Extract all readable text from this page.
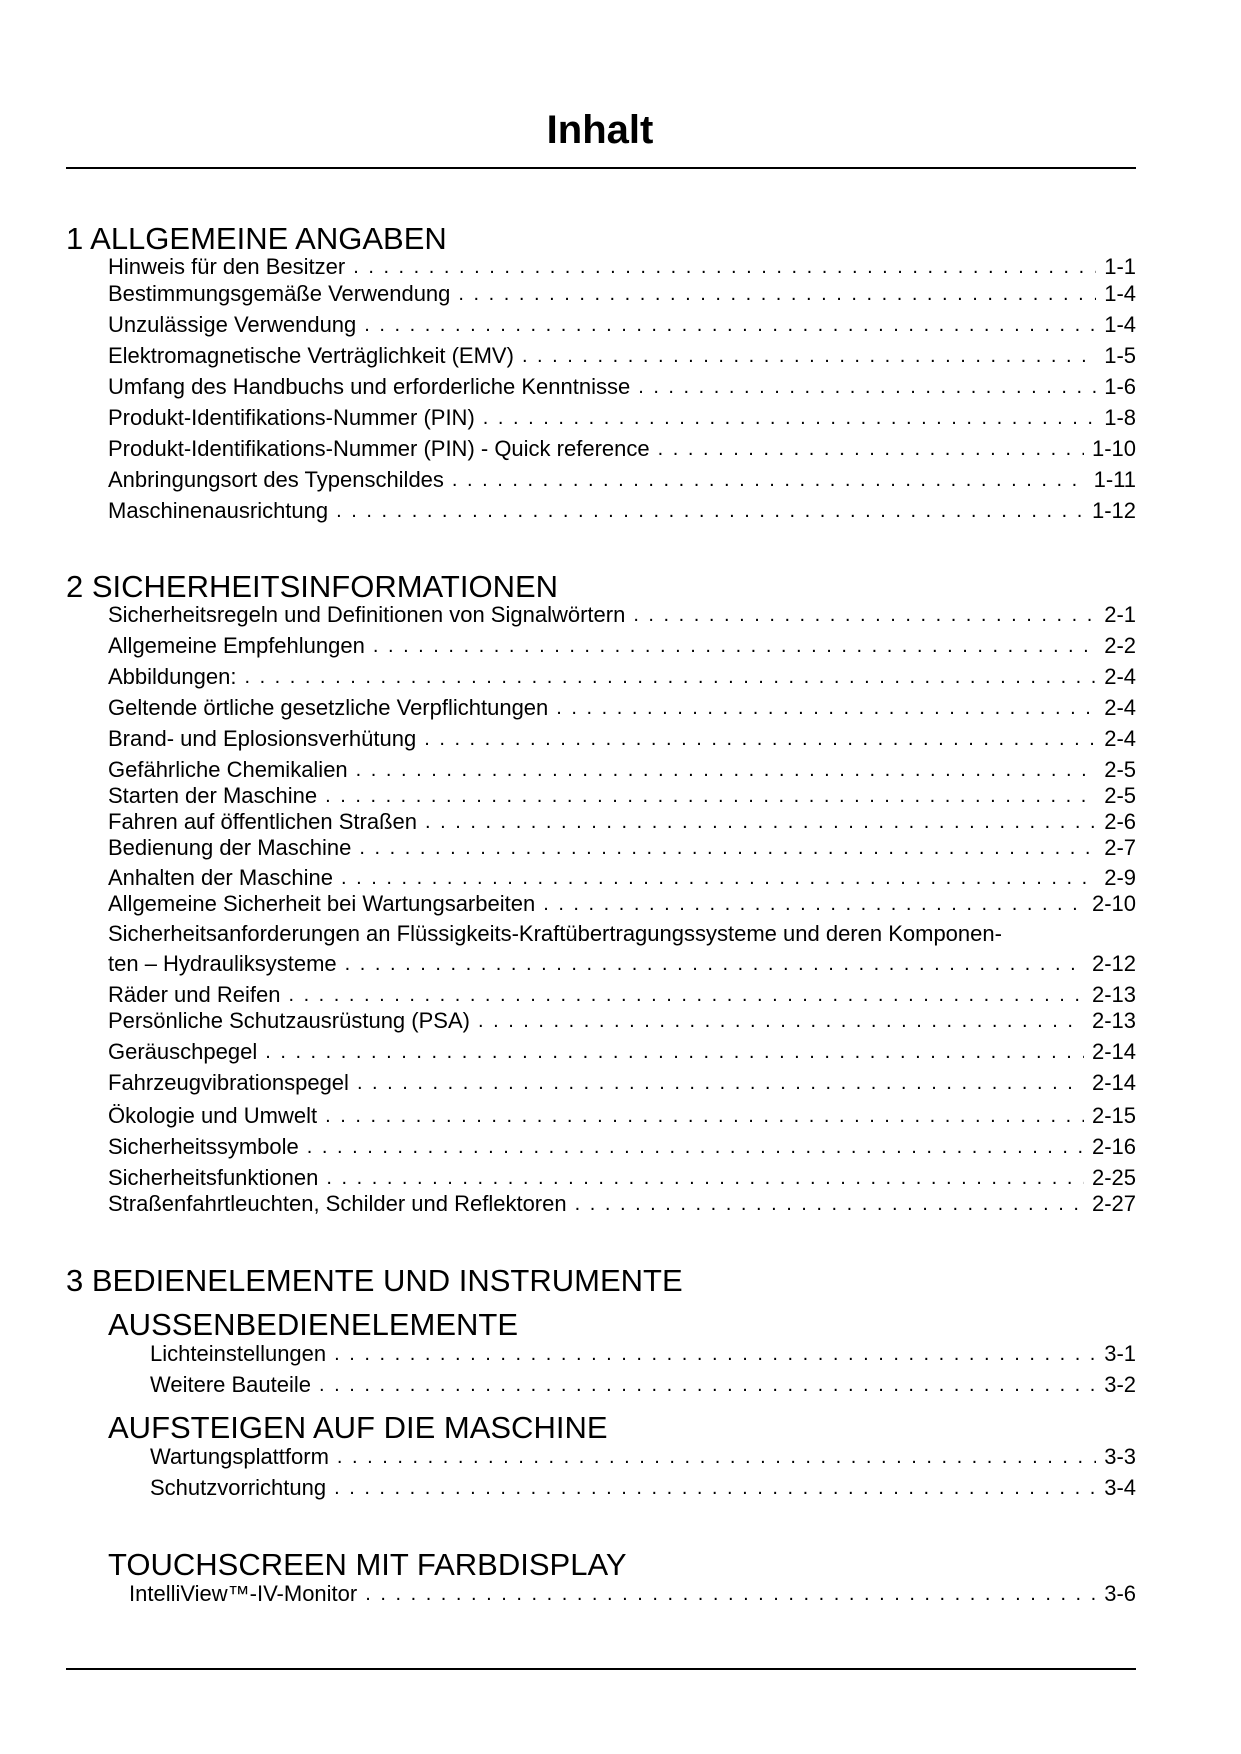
Inhalt
1 ALLGEMEINE ANGABEN
Hinweis für den Besitzer . . .	1-1
Bestimmungsgemäße Verwendung . . .	1-4
Unzulässige Verwendung . . .	1-4
Elektromagnetische Verträglichkeit (EMV) . . .	1-5
Umfang des Handbuchs und erforderliche Kenntnisse . . .	1-6
Produkt-Identifikations-Nummer (PIN) . . .	1-8
Produkt-Identifikations-Nummer (PIN) - Quick reference . . .	1-10
Anbringungsort des Typenschildes . . .	1-11
Maschinenausrichtung . . .	1-12
2 SICHERHEITSINFORMATIONEN
Sicherheitsregeln und Definitionen von Signalwörtern . . .	2-1
Allgemeine Empfehlungen . . .	2-2
Abbildungen: . . .	2-4
Geltende örtliche gesetzliche Verpflichtungen . . .	2-4
Brand- und Eplosionsverhütung . . .	2-4
Gefährliche Chemikalien . . .	2-5
Starten der Maschine . . .	2-5
Fahren auf öffentlichen Straßen . . .	2-6
Bedienung der Maschine . . .	2-7
Anhalten der Maschine . . .	2-9
Allgemeine Sicherheit bei Wartungsarbeiten . . .	2-10
Sicherheitsanforderungen an Flüssigkeits-Kraftübertragungssysteme und deren Komponen-
ten – Hydrauliksysteme . . .	2-12
Räder und Reifen . . .	2-13
Persönliche Schutzausrüstung (PSA) . . .	2-13
Geräuschpegel . . .	2-14
Fahrzeugvibrationspegel . . .	2-14
Ökologie und Umwelt . . .	2-15
Sicherheitssymbole . . .	2-16
Sicherheitsfunktionen . . .	2-25
Straßenfahrtleuchten, Schilder und Reflektoren . . .	2-27
3 BEDIENELEMENTE UND INSTRUMENTE
AUSSENBEDIENELEMENTE
Lichteinstellungen . . .	3-1
Weitere Bauteile . . .	3-2
AUFSTEIGEN AUF DIE MASCHINE
Wartungsplattform . . .	3-3
Schutzvorrichtung . . .	3-4
TOUCHSCREEN MIT FARBDISPLAY
IntelliView™-IV-Monitor . . .	3-6
